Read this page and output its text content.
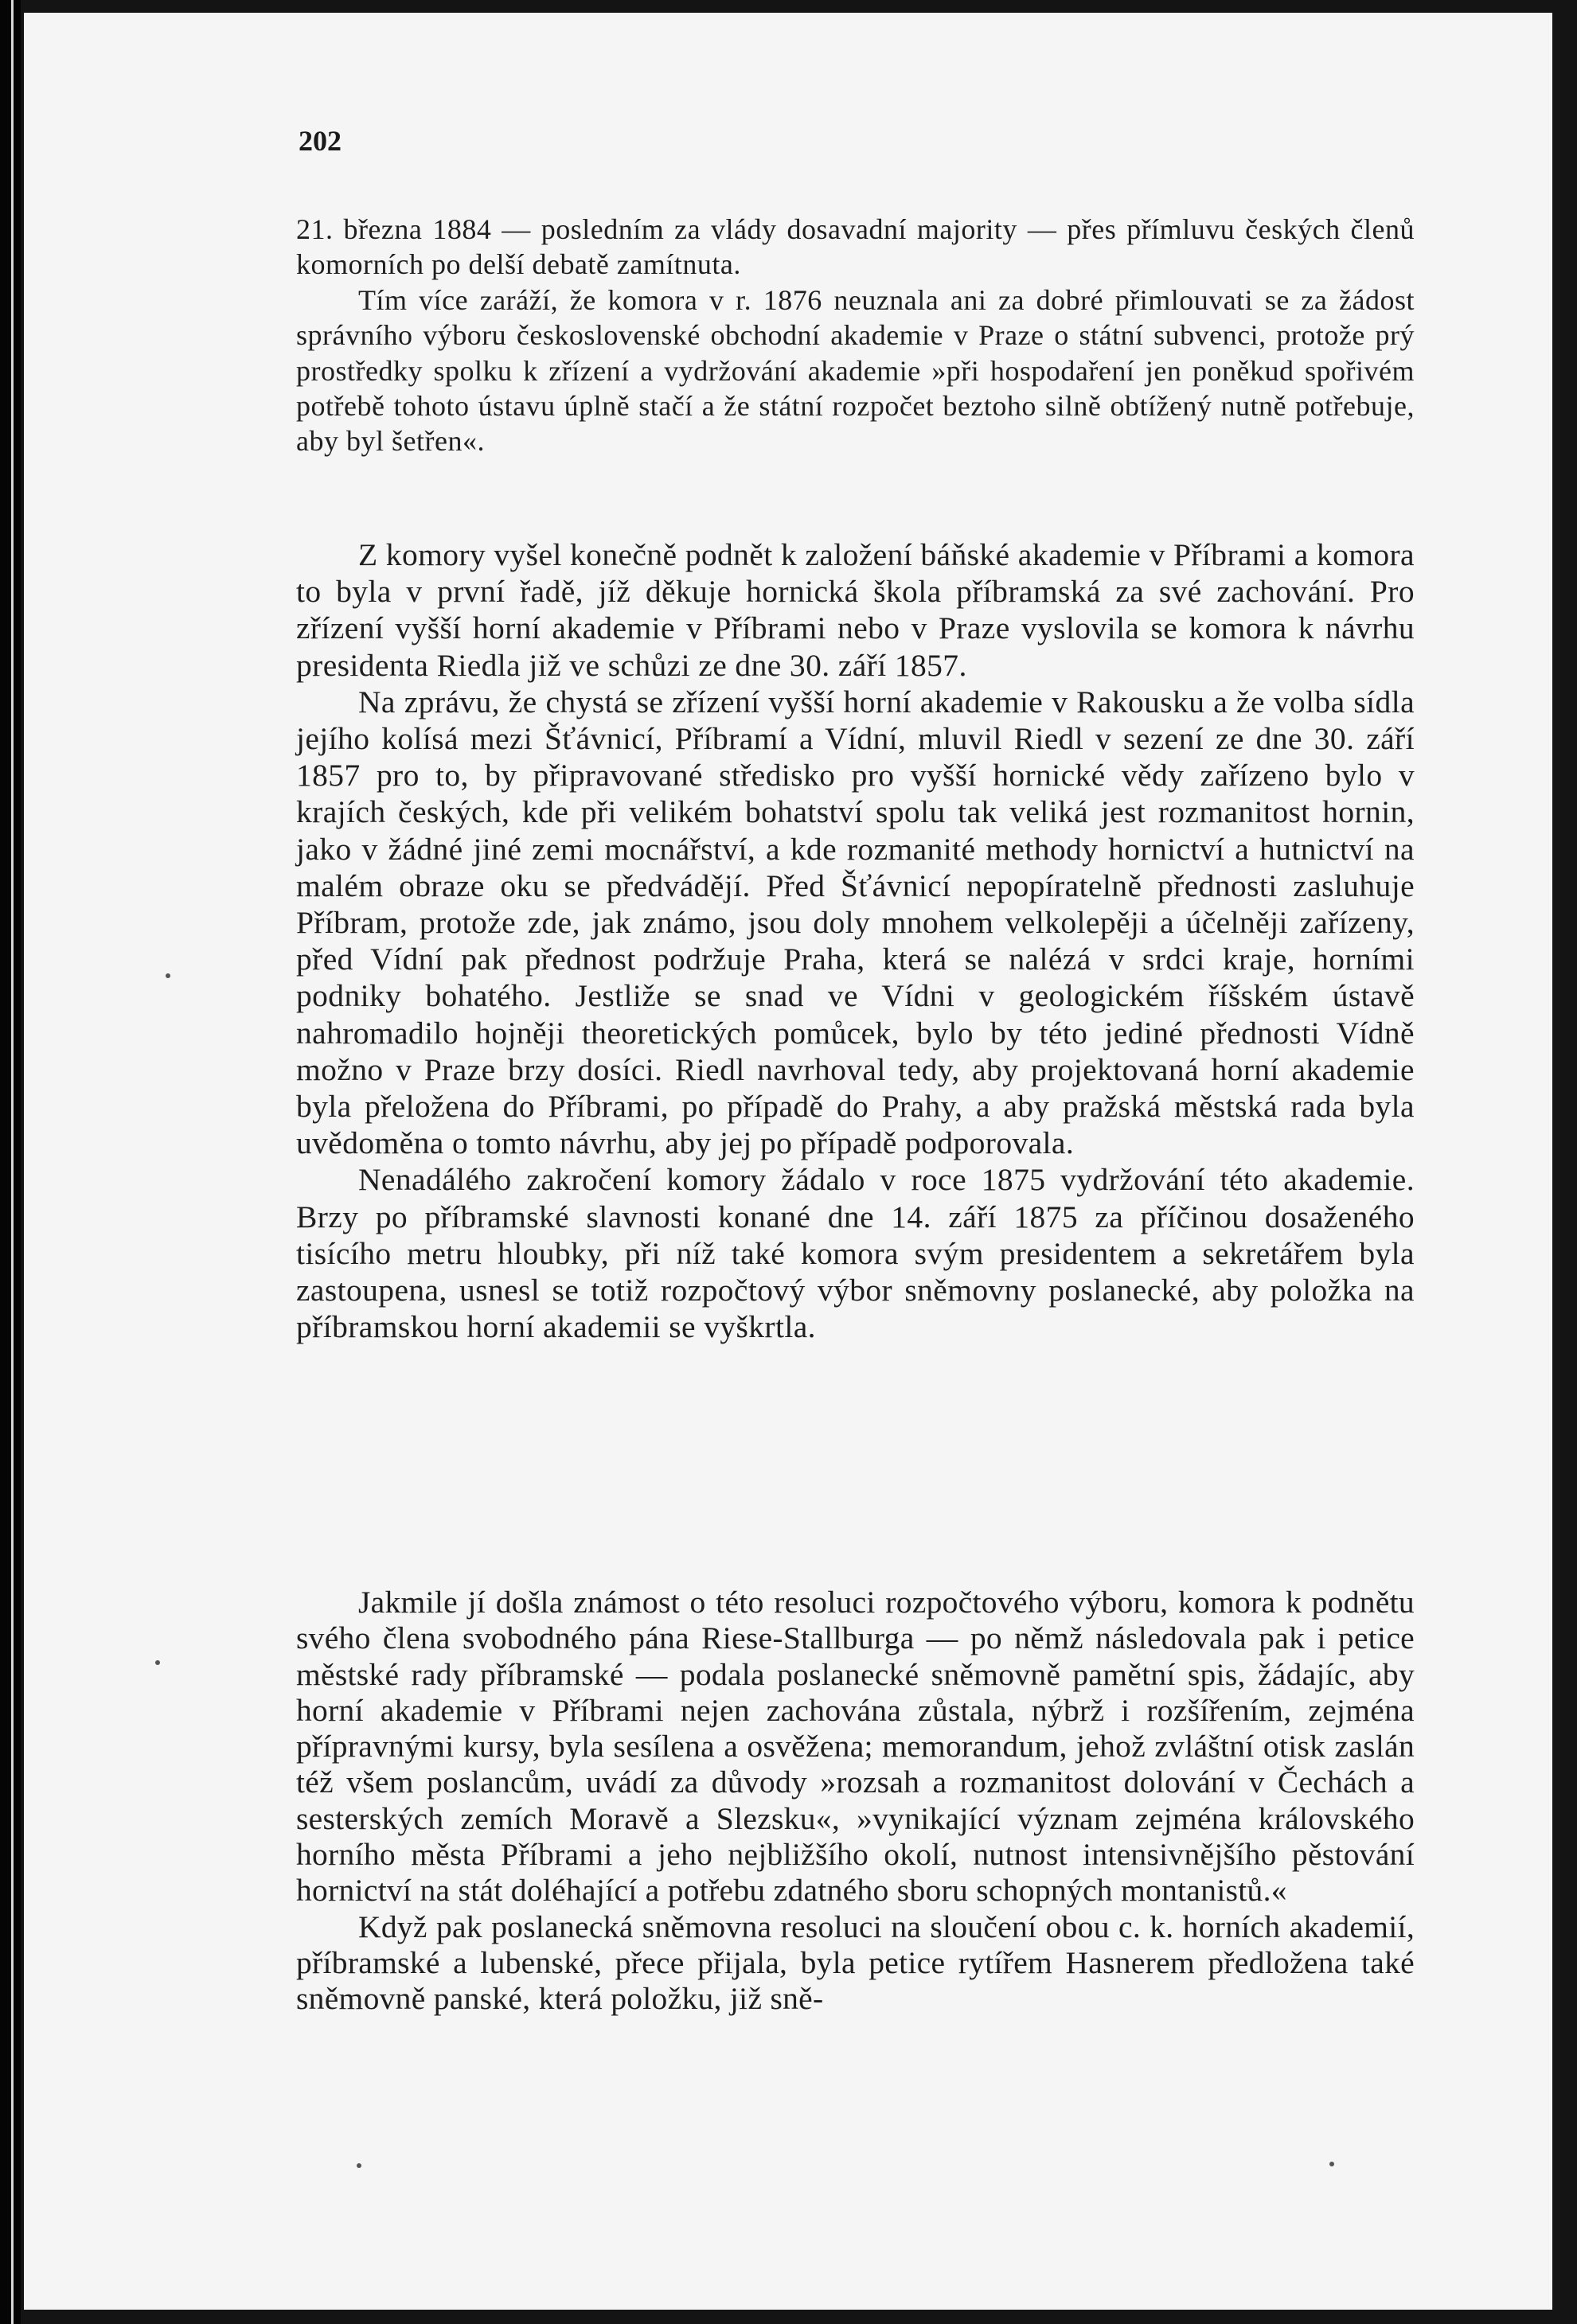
202

21. března 1884 — posledním za vlády dosavadní majority — přes přímluvu českých členů komorních po delší debatě zamítnuta.

Tím více zaráží, že komora v r. 1876 neuznala ani za dobré přimlouvati se za žádost správního výboru československé obchodní akademie v Praze o státní subvenci, protože prý prostředky spolku k zřízení a vydržování akademie »při hospodaření jen poněkud spořivém potřebě tohoto ústavu úplně stačí a že státní rozpočet beztoho silně obtížený nutně potřebuje, aby byl šetřen«.

Z komory vyšel konečně podnět k založení báňské akademie v Příbrami a komora to byla v první řadě, jíž děkuje hornická škola příbramská za své zachování. Pro zřízení vyšší horní akademie v Příbrami nebo v Praze vyslovila se komora k návrhu presidenta Riedla již ve schůzi ze dne 30. září 1857.

Na zprávu, že chystá se zřízení vyšší horní akademie v Rakousku a že volba sídla jejího kolísá mezi Šťávnicí, Příbramí a Vídní, mluvil Riedl v sezení ze dne 30. září 1857 pro to, by připravované středisko pro vyšší hornické vědy zařízeno bylo v krajích českých, kde při velikém bohatství spolu tak veliká jest rozmanitost hornin, jako v žádné jiné zemi mocnářství, a kde rozmanité methody hornictví a hutnictví na malém obraze oku se předvádějí. Před Šťávnicí nepopíratelně přednosti zasluhuje Příbram, protože zde, jak známo, jsou doly mnohem velkolepěji a účelněji zařízeny, před Vídní pak přednost podržuje Praha, která se nalézá v srdci kraje, horními podniky bohatého. Jestliže se snad ve Vídni v geologickém říšském ústavě nahromadilo hojněji theoretických pomůcek, bylo by této jediné přednosti Vídně možno v Praze brzy dosíci. Riedl navrhoval tedy, aby projektovaná horní akademie byla přeložena do Příbrami, po případě do Prahy, a aby pražská městská rada byla uvědoměna o tomto návrhu, aby jej po případě podporovala.

Nenadálého zakročení komory žádalo v roce 1875 vydržování této akademie. Brzy po příbramské slavnosti konané dne 14. září 1875 za příčinou dosaženého tisícího metru hloubky, při níž také komora svým presidentem a sekretářem byla zastoupena, usnesl se totiž rozpočtový výbor sněmovny poslanecké, aby položka na příbramskou horní akademii se vyškrtla.

Jakmile jí došla známost o této resoluci rozpočtového výboru, komora k podnětu svého člena svobodného pána Riese-Stallburga — po němž následovala pak i petice městské rady příbramské — podala poslanecké sněmovně pamětní spis, žádajíc, aby horní akademie v Příbrami nejen zachována zůstala, nýbrž i rozšířením, zejména přípravnými kursy, byla sesílena a osvěžena; memorandum, jehož zvláštní otisk zaslán též všem poslancům, uvádí za důvody »rozsah a rozmanitost dolování v Čechách a sesterských zemích Moravě a Slezsku«, »vynikající význam zejména královského horního města Příbrami a jeho nejbližšího okolí, nutnost intensivnějšího pěstování hornictví na stát doléhající a potřebu zdatného sboru schopných montanistů.«

Když pak poslanecká sněmovna resoluci na sloučení obou c. k. horních akademií, příbramské a lubenské, přece přijala, byla petice rytířem Hasnerem předložena také sněmovně panské, která položku, již sně-
